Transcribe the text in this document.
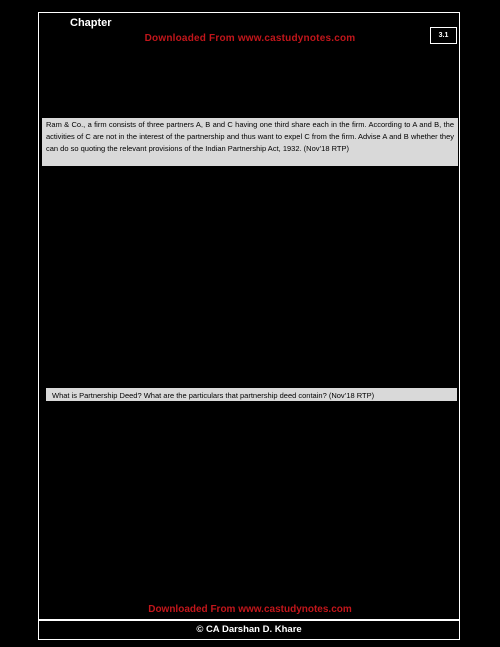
Chapter
3.1
Downloaded From www.castudynotes.com
Ram & Co., a firm consists of three partners A, B and C having one third share each in the firm. According to A and B, the activities of C are not in the interest of the partnership and thus want to expel C from the firm. Advise A and B whether they can do so quoting the relevant provisions of the Indian Partnership Act, 1932. (Nov’18 RTP)
What is Partnership Deed? What are the particulars that partnership deed contain? (Nov’18 RTP)
Downloaded From www.castudynotes.com
© CA Darshan D. Khare
